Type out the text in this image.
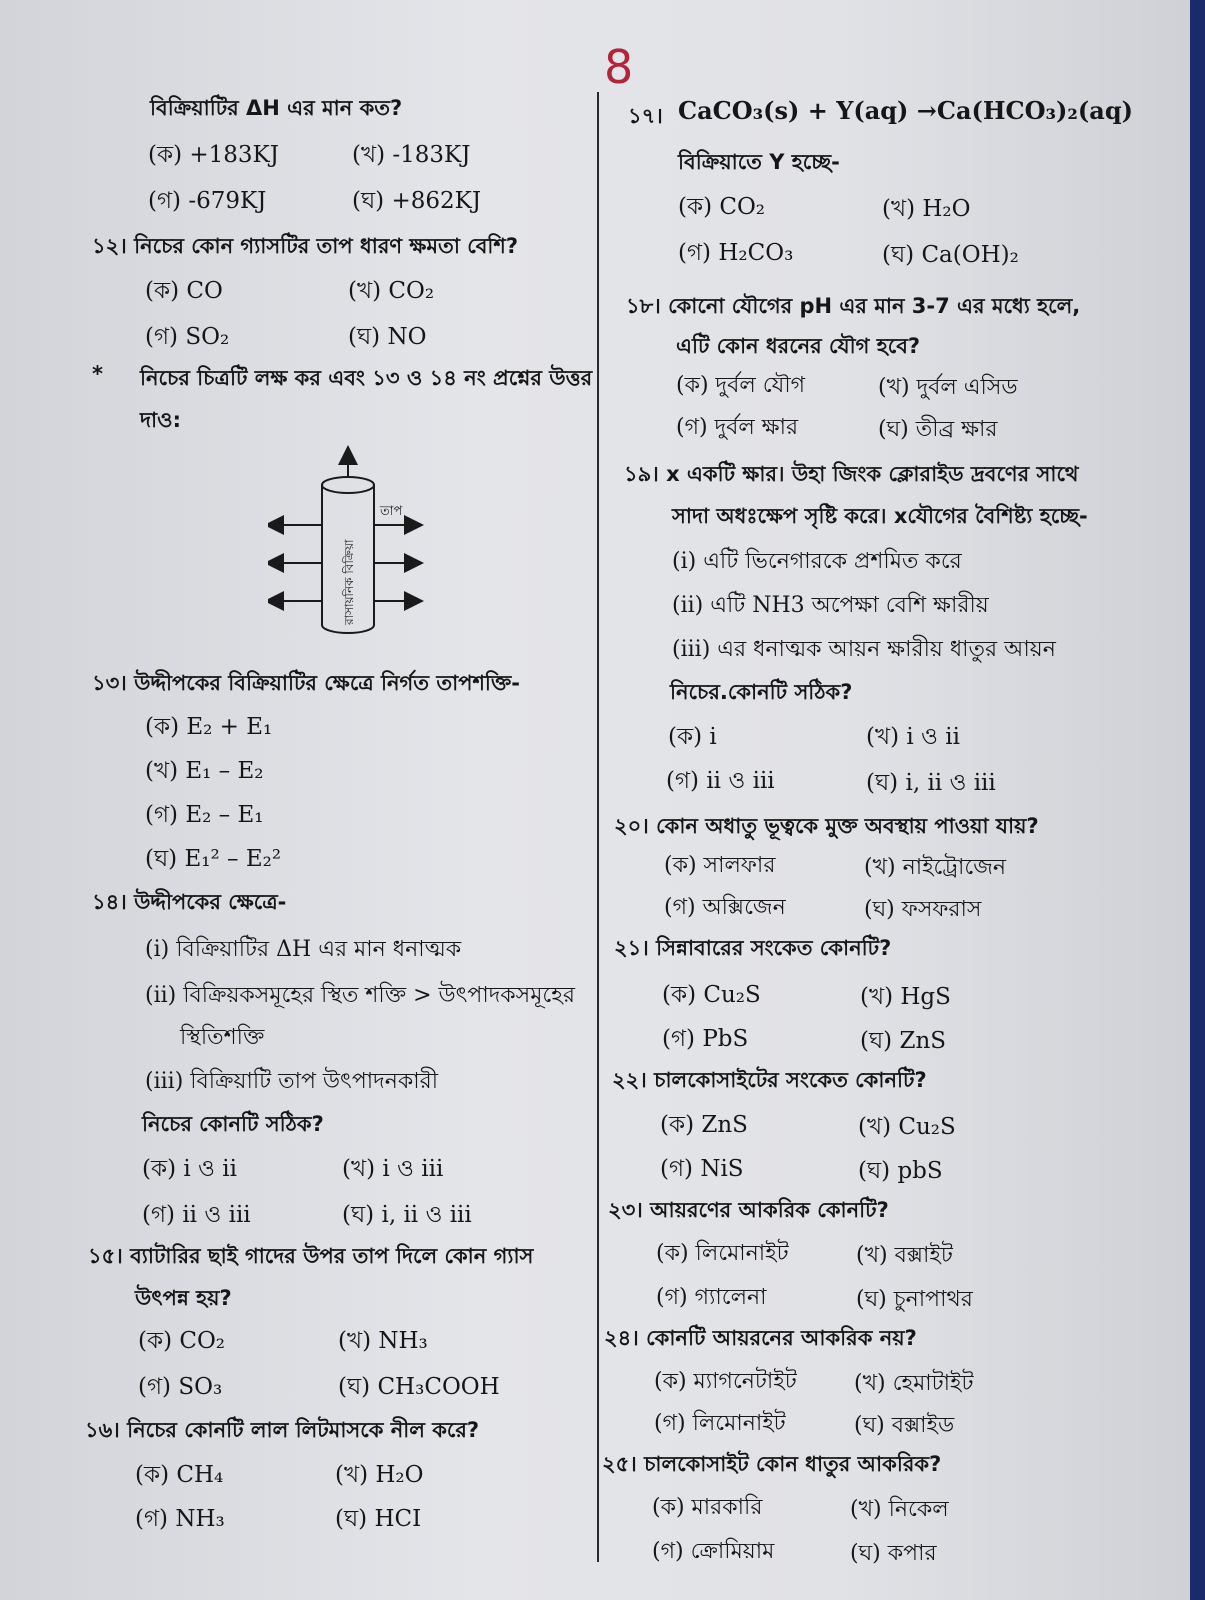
8
বিক্রিয়াটির ΔH এর মান কত?
(ক) +183KJ	(খ) -183KJ
(গ) -679KJ	(ঘ) +862KJ
১২। নিচের কোন গ্যাসটির তাপ ধারণ ক্ষমতা বেশি?
(ক) CO	(খ) CO₂
(গ) SO₂	(ঘ) NO
* নিচের চিত্রটি লক্ষ কর এবং ১৩ ও ১৪ নং প্রশ্নের উত্তর
দাও:
তাপ
রাসায়নিক বিক্রিয়া
১৩। উদ্দীপকের বিক্রিয়াটির ক্ষেত্রে নির্গত তাপশক্তি-
(ক) E₂ + E₁
(খ) E₁ – E₂
(গ) E₂ – E₁
(ঘ) E₁² – E₂²
১৪। উদ্দীপকের ক্ষেত্রে-
(i) বিক্রিয়াটির ΔH এর মান ধনাত্মক
(ii) বিক্রিয়কসমূহের স্থিত শক্তি > উৎপাদকসমূহের
স্থিতিশক্তি
(iii) বিক্রিয়াটি তাপ উৎপাদনকারী
নিচের কোনটি সঠিক?
(ক) i ও ii	(খ) i ও iii
(গ) ii ও iii	(ঘ) i, ii ও iii
১৫। ব্যাটারির ছাই গাদের উপর তাপ দিলে কোন গ্যাস
উৎপন্ন হয়?
(ক) CO₂	(খ) NH₃
(গ) SO₃	(ঘ) CH₃COOH
১৬। নিচের কোনটি লাল লিটমাসকে নীল করে?
(ক) CH₄	(খ) H₂O
(গ) NH₃	(ঘ) HCI
১৭। CaCO₃(s) + Y(aq) →Ca(HCO₃)₂(aq)
বিক্রিয়াতে Y হচ্ছে-
(ক) CO₂	(খ) H₂O
(গ) H₂CO₃	(ঘ) Ca(OH)₂
১৮। কোনো যৌগের pH এর মান 3-7 এর মধ্যে হলে,
এটি কোন ধরনের যৌগ হবে?
(ক) দুর্বল যৌগ	(খ) দুর্বল এসিড
(গ) দুর্বল ক্ষার	(ঘ) তীব্র ক্ষার
১৯। x একটি ক্ষার। উহা জিংক ক্লোরাইড দ্রবণের সাথে
সাদা অধঃক্ষেপ সৃষ্টি করে। xযৌগের বৈশিষ্ট্য হচ্ছে-
(i) এটি ভিনেগারকে প্রশমিত করে
(ii) এটি NH3 অপেক্ষা বেশি ক্ষারীয়
(iii) এর ধনাত্মক আয়ন ক্ষারীয় ধাতুর আয়ন
নিচের.কোনটি সঠিক?
(ক) i	(খ) i ও ii
(গ) ii ও iii	(ঘ) i, ii ও iii
২০। কোন অধাতু ভূত্বকে মুক্ত অবস্থায় পাওয়া যায়?
(ক) সালফার	(খ) নাইট্রোজেন
(গ) অক্সিজেন	(ঘ) ফসফরাস
২১। সিন্নাবারের সংকেত কোনটি?
(ক) Cu₂S	(খ) HgS
(গ) PbS	(ঘ) ZnS
২২। চালকোসাইটের সংকেত কোনটি?
(ক) ZnS	(খ) Cu₂S
(গ) NiS	(ঘ) pbS
২৩। আয়রণের আকরিক কোনটি?
(ক) লিমোনাইট	(খ) বক্সাইট
(গ) গ্যালেনা	(ঘ) চুনাপাথর
২৪। কোনটি আয়রনের আকরিক নয়?
(ক) ম্যাগনেটাইট	(খ) হেমাটাইট
(গ) লিমোনাইট	(ঘ) বক্সাইড
২৫। চালকোসাইট কোন ধাতুর আকরিক?
(ক) মারকারি	(খ) নিকেল
(গ) ক্রোমিয়াম	(ঘ) কপার
